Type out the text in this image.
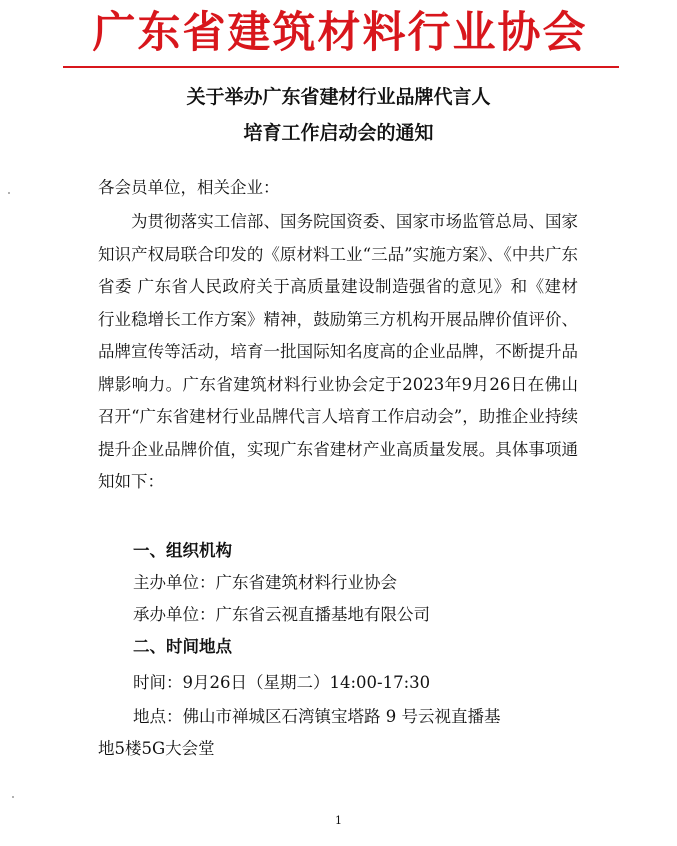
广东省建筑材料行业协会
关于举办广东省建材行业品牌代言人
培育工作启动会的通知
各会员单位，相关企业：
为贯彻落实工信部、国务院国资委、国家市场监管总局、国家知识产权局联合印发的《原材料工业“三品”实施方案》、《中共广东省委 广东省人民政府关于高质量建设制造强省的意见》和《建材行业稳增长工作方案》精神，鼓励第三方机构开展品牌价值评价、品牌宣传等活动，培育一批国际知名度高的企业品牌，不断提升品牌影响力。广东省建筑材料行业协会定于2023年9月26日在佛山召开“广东省建材行业品牌代言人培育工作启动会”，助推企业持续提升企业品牌价值，实现广东省建材产业高质量发展。具体事项通知如下：
一、组织机构
主办单位：广东省建筑材料行业协会
承办单位：广东省云视直播基地有限公司
二、时间地点
时间：9月26日（星期二）14:00-17:30
地点：佛山市禅城区石湾镇宝塔路 9 号云视直播基
地5楼5G大会堂
1
